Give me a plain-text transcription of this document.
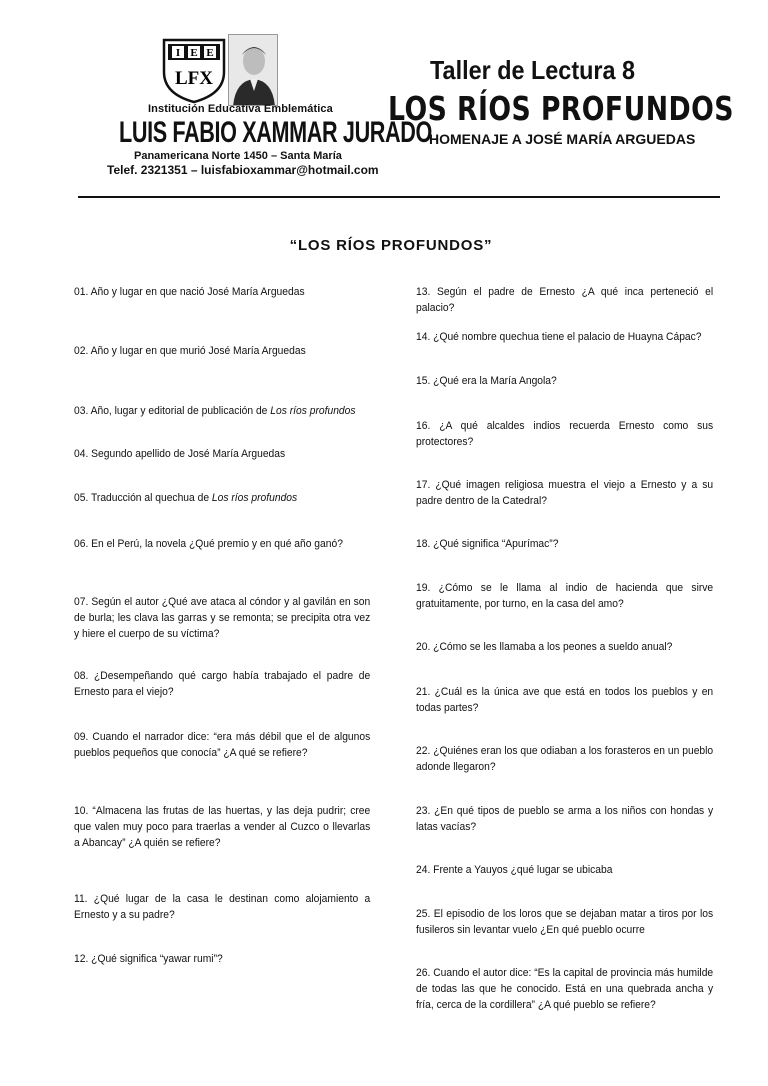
I E E
LFX
Institución Educativa Emblemática
LUIS FABIO XAMMAR JURADO
Panamericana Norte 1450 – Santa María
Telef. 2321351 – luisfabioxammar@hotmail.com
Taller de Lectura 8
LOS RÍOS PROFUNDOS
HOMENAJE A JOSÉ MARÍA ARGUEDAS
“LOS RÍOS PROFUNDOS”
01. Año y lugar en que nació José María Arguedas
02. Año y lugar en que murió José María Arguedas
03. Año, lugar y editorial de publicación de Los ríos profundos
04. Segundo apellido de José María Arguedas
05. Traducción al quechua de Los ríos profundos
06. En el Perú, la novela ¿Qué premio y en qué año ganó?
07. Según el autor ¿Qué ave ataca al cóndor y al gavilán en son de burla; les clava las garras y se remonta; se precipita otra vez y hiere el cuerpo de su víctima?
08. ¿Desempeñando qué cargo había trabajado el padre de Ernesto para el viejo?
09. Cuando el narrador dice: “era más débil que el de algunos pueblos pequeños que conocía” ¿A qué se refiere?
10. “Almacena las frutas de las huertas, y las deja pudrir; cree que valen muy poco para traerlas a vender al Cuzco o llevarlas a Abancay” ¿A quién se refiere?
11. ¿Qué lugar de la casa le destinan como alojamiento a Ernesto y a su padre?
12. ¿Qué significa “yawar rumi”?
13. Según el padre de Ernesto ¿A qué inca perteneció el palacio?
14. ¿Qué nombre quechua tiene el palacio de Huayna Cápac?
15. ¿Qué era la María Angola?
16. ¿A qué alcaldes indios recuerda Ernesto como sus protectores?
17. ¿Qué imagen religiosa muestra el viejo a Ernesto y a su padre dentro de la Catedral?
18. ¿Qué significa “Apurímac”?
19. ¿Cómo se le llama al indio de hacienda que sirve gratuitamente, por turno, en la casa del amo?
20. ¿Cómo se les llamaba a los peones a sueldo anual?
21. ¿Cuál es la única ave que está en todos los pueblos y en todas partes?
22. ¿Quiénes eran los que odiaban a los forasteros en un pueblo adonde llegaron?
23. ¿En qué tipos de pueblo se arma a los niños con hondas y latas vacías?
24. Frente a Yauyos ¿qué lugar se ubicaba
25. El episodio de los loros que se dejaban matar a tiros por los fusileros sin levantar vuelo ¿En qué pueblo ocurre
26. Cuando el autor dice: “Es la capital de provincia más humilde de todas las que he conocido. Está en una quebrada ancha y fría, cerca de la cordillera” ¿A qué pueblo se refiere?
